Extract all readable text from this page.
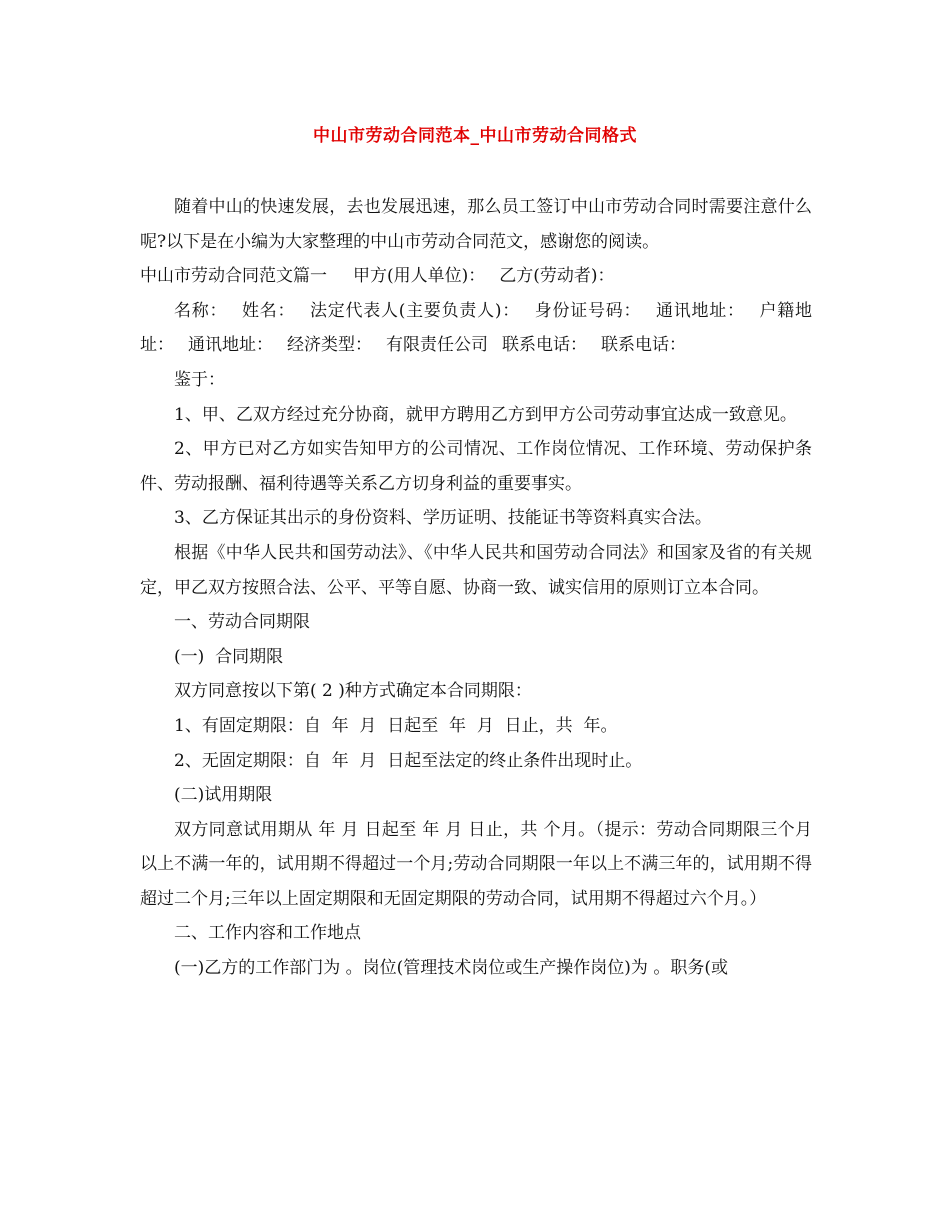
中山市劳动合同范本_中山市劳动合同格式

随着中山的快速发展，去也发展迅速，那么员工签订中山市劳动合同时需要注意什么呢?以下是在小编为大家整理的中山市劳动合同范文，感谢您的阅读。

中山市劳动合同范文篇一 甲方(用人单位)： 乙方(劳动者)：

名称： 姓名： 法定代表人(主要负责人)： 身份证号码： 通讯地址： 户籍地址： 通讯地址： 经济类型： 有限责任公司 联系电话： 联系电话：

鉴于：

1、甲、乙双方经过充分协商，就甲方聘用乙方到甲方公司劳动事宜达成一致意见。

2、甲方已对乙方如实告知甲方的公司情况、工作岗位情况、工作环境、劳动保护条件、劳动报酬、福利待遇等关系乙方切身利益的重要事实。

3、乙方保证其出示的身份资料、学历证明、技能证书等资料真实合法。

根据《中华人民共和国劳动法》、《中华人民共和国劳动合同法》和国家及省的有关规定，甲乙双方按照合法、公平、平等自愿、协商一致、诚实信用的原则订立本合同。

一、劳动合同期限

(一)  合同期限

双方同意按以下第( 2 )种方式确定本合同期限：

1、有固定期限：自  年  月  日起至  年  月  日止，共  年。

2、无固定期限：自  年  月  日起至法定的终止条件出现时止。

(二)试用期限

双方同意试用期从 年 月 日起至 年 月 日止，共 个月。（提示：劳动合同期限三个月以上不满一年的，试用期不得超过一个月;劳动合同期限一年以上不满三年的，试用期不得超过二个月;三年以上固定期限和无固定期限的劳动合同，试用期不得超过六个月。）

二、工作内容和工作地点

(一)乙方的工作部门为 。岗位(管理技术岗位或生产操作岗位)为 。职务(或
